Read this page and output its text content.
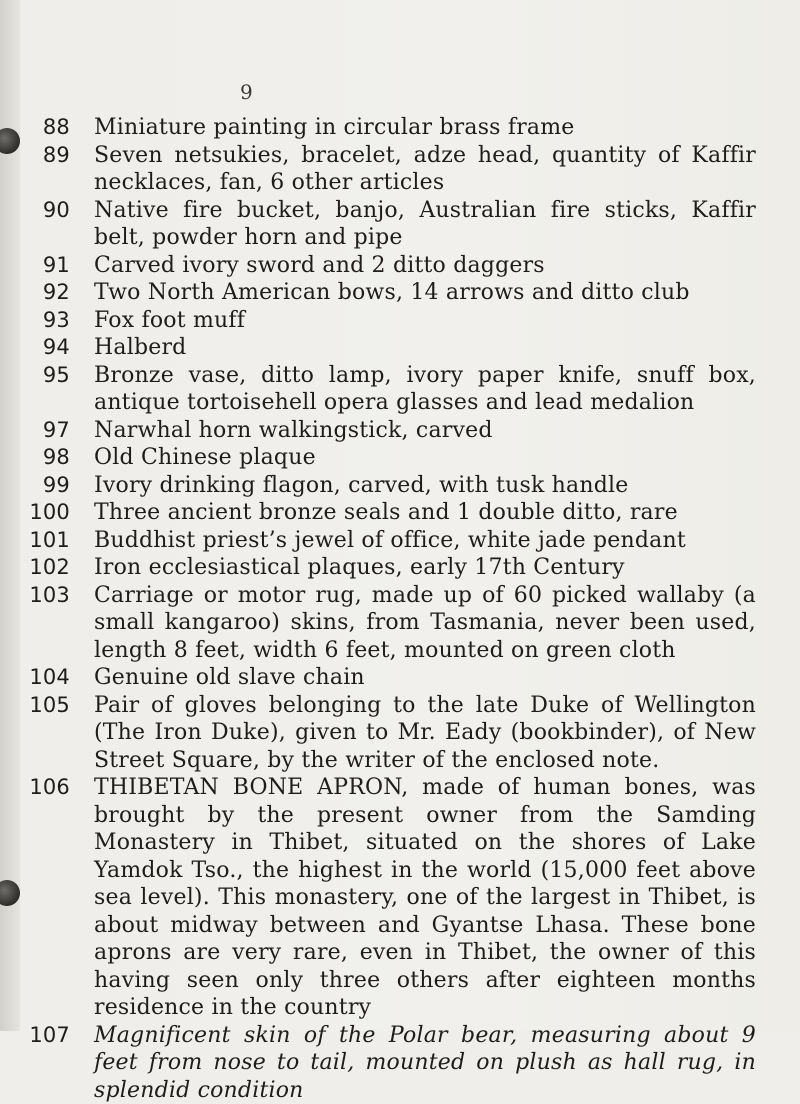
9
88	Miniature painting in circular brass frame
89	Seven netsukies, bracelet, adze head, quantity of Kaffir necklaces, fan, 6 other articles
90	Native fire bucket, banjo, Australian fire sticks, Kaffir belt, powder horn and pipe
91	Carved ivory sword and 2 ditto daggers
92	Two North American bows, 14 arrows and ditto club
93	Fox foot muff
94	Halberd
95	Bronze vase, ditto lamp, ivory paper knife, snuff box, antique tortoisehell opera glasses and lead medalion
97	Narwhal horn walkingstick, carved
98	Old Chinese plaque
99	Ivory drinking flagon, carved, with tusk handle
100	Three ancient bronze seals and 1 double ditto, rare
101	Buddhist priest’s jewel of office, white jade pendant
102	Iron ecclesiastical plaques, early 17th Century
103	Carriage or motor rug, made up of 60 picked wallaby (a small kangaroo) skins, from Tasmania, never been used, length 8 feet, width 6 feet, mounted on green cloth
104	Genuine old slave chain
105	Pair of gloves belonging to the late Duke of Wellington (The Iron Duke), given to Mr. Eady (bookbinder), of New Street Square, by the writer of the enclosed note.
106	THIBETAN BONE APRON, made of human bones, was brought by the present owner from the Samding Monastery in Thibet, situated on the shores of Lake Yamdok Tso., the highest in the world (15,000 feet above sea level). This monastery, one of the largest in Thibet, is about midway between and Gyantse Lhasa. These bone aprons are very rare, even in Thibet, the owner of this having seen only three others after eighteen months residence in the country
107	Magnificent skin of the Polar bear, measuring about 9 feet from nose to tail, mounted on plush as hall rug, in splendid condition
